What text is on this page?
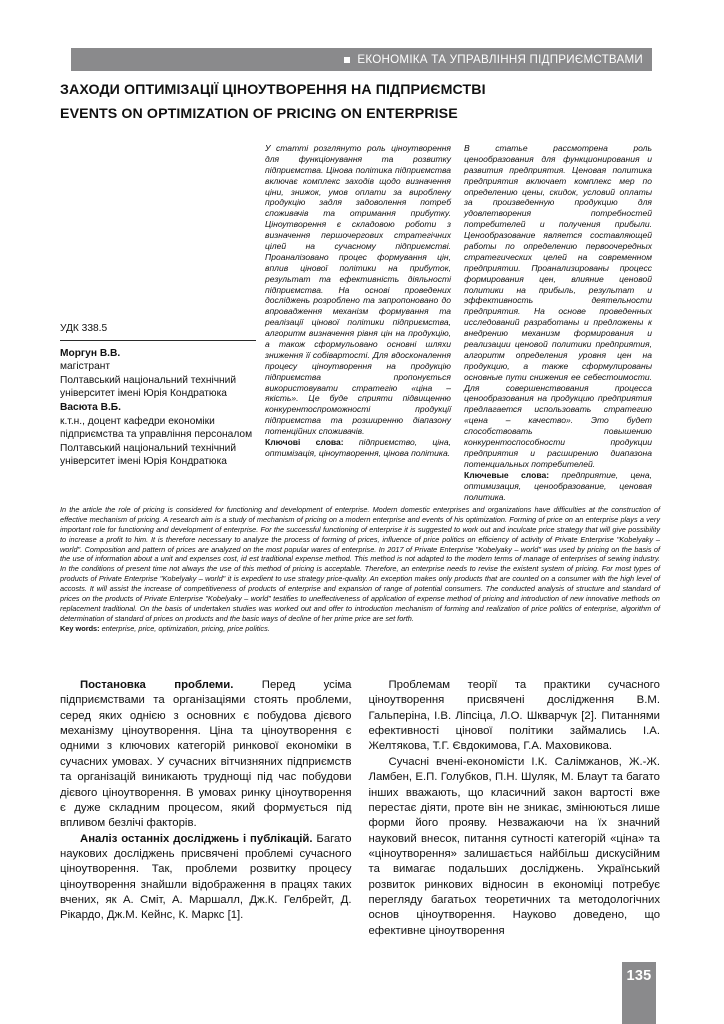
ЕКОНОМІКА ТА УПРАВЛІННЯ ПІДПРИЄМСТВАМИ
ЗАХОДИ ОПТИМІЗАЦІЇ ЦІНОУТВОРЕННЯ НА ПІДПРИЄМСТВІ
EVENTS ON OPTIMIZATION OF PRICING ON ENTERPRISE
УДК 338.5
Моргун В.В.
магістрант
Полтавський національний технічний університет імені Юрія Кондратюка
Васюта В.Б.
к.т.н., доцент кафедри економіки підприємства та управління персоналом
Полтавський національний технічний університет імені Юрія Кондратюка
У статті розглянуто роль ціноутворення для функціонування та розвитку підприємства. Цінова політика підприємства включає комплекс заходів щодо визначення ціни, знижок, умов оплати за вироблену продукцію задля задоволення потреб споживачів та отримання прибутку. Ціноутворення є складовою роботи з визначення першочергових стратегічних цілей на сучасному підприємстві. Проаналізовано процес формування цін, вплив цінової політики на прибуток, результат та ефективність діяльності підприємства. На основі проведених досліджень розроблено та запропоновано до впровадження механізм формування та реалізації цінової політики підприємства, алгоритм визначення рівня цін на продукцію, а також сформульовано основні шляхи зниження її собівартості. Для вдосконалення процесу ціноутворення на продукцію підприємства пропонується використовувати стратегію «ціна – якість». Це буде сприяти підвищенню конкурентоспроможності продукції підприємства та розширенню діапазону потенційних споживачів.
Ключові слова: підприємство, ціна, оптимізація, ціноутворення, цінова політика.
В статье рассмотрена роль ценообразования для функционирования и развития предприятия. Ценовая политика предприятия включает комплекс мер по определению цены, скидок, условий оплаты за произведенную продукцию для удовлетворения потребностей потребителей и получения прибыли. Ценообразование является составляющей работы по определению первоочередных стратегических целей на современном предприятии. Проанализированы процесс формирования цен, влияние ценовой политики на прибыль, результат и эффективность деятельности предприятия. На основе проведенных исследований разработаны и предложены к внедрению механизм формирования и реализации ценовой политики предприятия, алгоритм определения уровня цен на продукцию, а также сформулированы основные пути снижения ее себестоимости. Для совершенствования процесса ценообразования на продукцию предприятия предлагается использовать стратегию «цена – качество». Это будет способствовать повышению конкурентоспособности продукции предприятия и расширению диапазона потенциальных потребителей.
Ключевые слова: предприятие, цена, оптимизация, ценообразование, ценовая политика.
In the article the role of pricing is considered for functioning and development of enterprise. Modern domestic enterprises and organizations have difficulties at the construction of effective mechanism of pricing. A research aim is a study of mechanism of pricing on a modern enterprise and events of his optimization. Forming of price on an enterprise plays a very important role for functioning and development of enterprise. For the successful functioning of enterprise it is suggested to work out and inculcate price strategy that will give possibility to increase a profit to him. It is therefore necessary to analyze the process of forming of prices, influence of price politics on efficiency of activity of Private Enterprise "Kobelyaky – world". Composition and pattern of prices are analyzed on the most popular wares of enterprise. In 2017 of Private Enterprise "Kobelyaky – world" was used by pricing on the basis of the use of information about a unit and expenses cost, id est traditional expense method. This method is not adapted to the modern terms of manage of enterprises of sewing industry. In the conditions of present time not always the use of this method of pricing is acceptable. Therefore, an enterprise needs to revise the existent system of pricing. For most types of products of Private Enterprise "Kobelyaky – world" it is expedient to use strategy price-quality. An exception makes only products that are counted on a consumer with the high level of accosts. It will assist the increase of competitiveness of products of enterprise and expansion of range of potential consumers. The conducted analysis of structure and standard of prices on the products of Private Enterprise "Kobelyaky – world" testifies to uneffectiveness of application of expense method of pricing and introduction of new innovative methods on replacement traditional. On the basis of undertaken studies was worked out and offer to introduction mechanism of forming and realization of price politics of enterprise, algorithm of determination of standard of prices on products and the basic ways of decline of her prime price are set forth.
Key words: enterprise, price, optimization, pricing, price politics.

Постановка проблеми. Перед усіма підприємствами та організаціями стоять проблеми, серед яких однією з основних є побудова дієвого механізму ціноутворення. Ціна та ціноутворення є одними з ключових категорій ринкової економіки в сучасних умовах. У сучасних вітчизняних підприємств та організацій виникають труднощі під час побудови дієвого ціноутворення. В умовах ринку ціноутворення є дуже складним процесом, який формується під впливом безлічі факторів.

Аналіз останніх досліджень і публікацій. Багато наукових досліджень присвячені проблемі сучасного ціноутворення. Так, проблеми розвитку процесу ціноутворення знайшли відображення в працях таких вчених, як А. Сміт, А. Маршалл, Дж.К. Гелбрейт, Д. Рікардо, Дж.М. Кейнс, К. Маркс [1].

Проблемам теорії та практики сучасного ціноутворення присвячені дослідження В.М. Гальперіна, І.В. Ліпсіца, Л.О. Шкварчук [2]. Питаннями ефективності цінової політики займались І.А. Желтякова, Т.Г. Євдокимова, Г.А. Маховикова.

Сучасні вчені-економісти І.К. Салімжанов, Ж.-Ж. Ламбен, Е.П. Голубков, П.Н. Шуляк, М. Блаут та багато інших вважають, що класичний закон вартості вже перестає діяти, проте він не зникає, змінюються лише форми його прояву. Незважаючи на їх значний науковий внесок, питання сутності категорій «ціна» та «ціноутворення» залишається найбільш дискусійним та вимагає подальших досліджень. Український розвиток ринкових відносин в економіці потребує перегляду багатьох теоретичних та методологічних основ ціноутворення. Науково доведено, що ефективне ціноутворення

135
